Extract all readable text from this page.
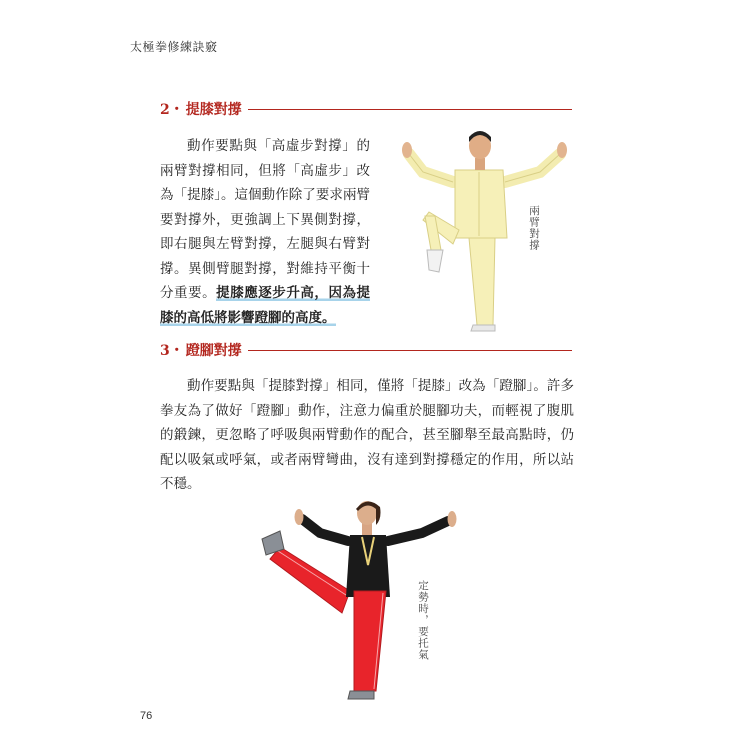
太極拳修練訣竅
2・ 提膝對撐

動作要點與「高虛步對撐」的兩臂對撐相同，但將「高虛步」改為「提膝」。這個動作除了要求兩臂要對撐外，更強調上下異側對撐，即右腿與左臂對撐，左腿與右臂對撐。異側臂腿對撐，對維持平衡十分重要。提膝應逐步升高，因為提膝的高低將影響蹬腳的高度。

兩臂對撐
3・ 蹬腳對撐

動作要點與「提膝對撐」相同，僅將「提膝」改為「蹬腳」。許多拳友為了做好「蹬腳」動作，注意力偏重於腿腳功夫，而輕視了腹肌的鍛鍊，更忽略了呼吸與兩臂動作的配合，甚至腳舉至最高點時，仍配以吸氣或呼氣，或者兩臂彎曲，沒有達到對撐穩定的作用，所以站不穩。

定勢時，要托氣
76
